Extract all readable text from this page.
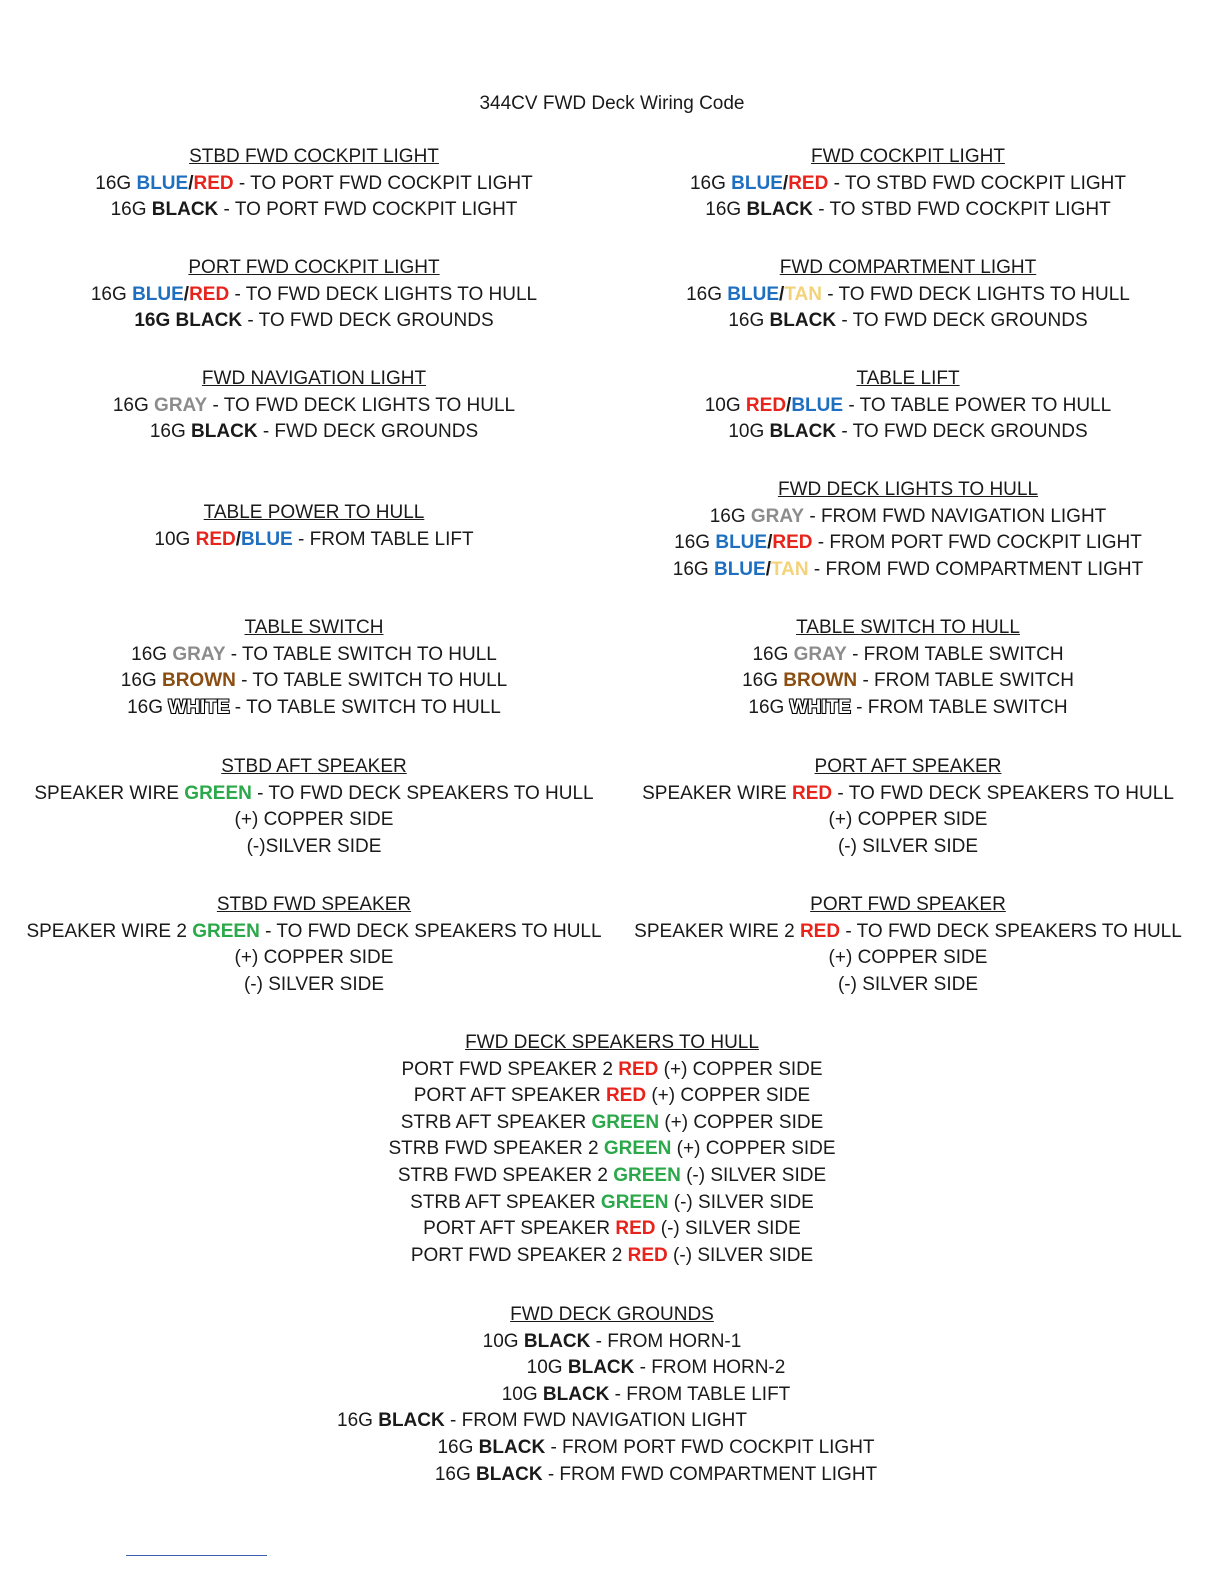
344CV FWD Deck Wiring Code
STBD FWD COCKPIT LIGHT
16G BLUE/RED - TO PORT FWD COCKPIT LIGHT
16G BLACK - TO PORT FWD COCKPIT LIGHT
FWD COCKPIT LIGHT
16G BLUE/RED - TO STBD FWD COCKPIT LIGHT
16G BLACK - TO STBD FWD COCKPIT LIGHT
PORT FWD COCKPIT LIGHT
16G BLUE/RED - TO FWD DECK LIGHTS TO HULL
16G BLACK - TO FWD DECK GROUNDS
FWD COMPARTMENT LIGHT
16G BLUE/TAN - TO FWD DECK LIGHTS TO HULL
16G BLACK - TO FWD DECK GROUNDS
FWD NAVIGATION LIGHT
16G GRAY - TO FWD DECK LIGHTS TO HULL
16G BLACK - FWD DECK GROUNDS
TABLE LIFT
10G RED/BLUE - TO TABLE POWER TO HULL
10G BLACK - TO FWD DECK GROUNDS
TABLE POWER TO HULL
10G RED/BLUE - FROM TABLE LIFT
FWD DECK LIGHTS TO HULL
16G GRAY - FROM FWD NAVIGATION LIGHT
16G BLUE/RED - FROM PORT FWD COCKPIT LIGHT
16G BLUE/TAN - FROM FWD COMPARTMENT LIGHT
TABLE SWITCH
16G GRAY - TO TABLE SWITCH TO HULL
16G BROWN - TO TABLE SWITCH TO HULL
16G WHITE - TO TABLE SWITCH TO HULL
TABLE SWITCH TO HULL
16G GRAY - FROM TABLE SWITCH
16G BROWN - FROM TABLE SWITCH
16G WHITE - FROM TABLE SWITCH
STBD AFT SPEAKER
SPEAKER WIRE GREEN - TO FWD DECK SPEAKERS TO HULL
(+) COPPER SIDE
(-)SILVER SIDE
PORT AFT SPEAKER
SPEAKER WIRE RED - TO FWD DECK SPEAKERS TO HULL
(+) COPPER SIDE
(-) SILVER SIDE
STBD FWD SPEAKER
SPEAKER WIRE 2 GREEN - TO FWD DECK SPEAKERS TO HULL
(+) COPPER SIDE
(-) SILVER SIDE
PORT FWD SPEAKER
SPEAKER WIRE 2 RED - TO FWD DECK SPEAKERS TO HULL
(+) COPPER SIDE
(-) SILVER SIDE
FWD DECK SPEAKERS TO HULL
PORT FWD SPEAKER 2 RED (+) COPPER SIDE
PORT AFT SPEAKER RED (+) COPPER SIDE
STRB AFT SPEAKER GREEN (+) COPPER SIDE
STRB FWD SPEAKER 2 GREEN (+) COPPER SIDE
STRB FWD SPEAKER 2 GREEN (-) SILVER SIDE
STRB AFT SPEAKER GREEN (-) SILVER SIDE
PORT AFT SPEAKER RED (-) SILVER SIDE
PORT FWD SPEAKER 2 RED (-) SILVER SIDE
FWD DECK GROUNDS
10G BLACK - FROM HORN-1
10G BLACK - FROM HORN-2
10G BLACK - FROM TABLE LIFT
16G BLACK - FROM FWD NAVIGATION LIGHT
16G BLACK - FROM PORT FWD COCKPIT LIGHT
16G BLACK - FROM FWD COMPARTMENT LIGHT
